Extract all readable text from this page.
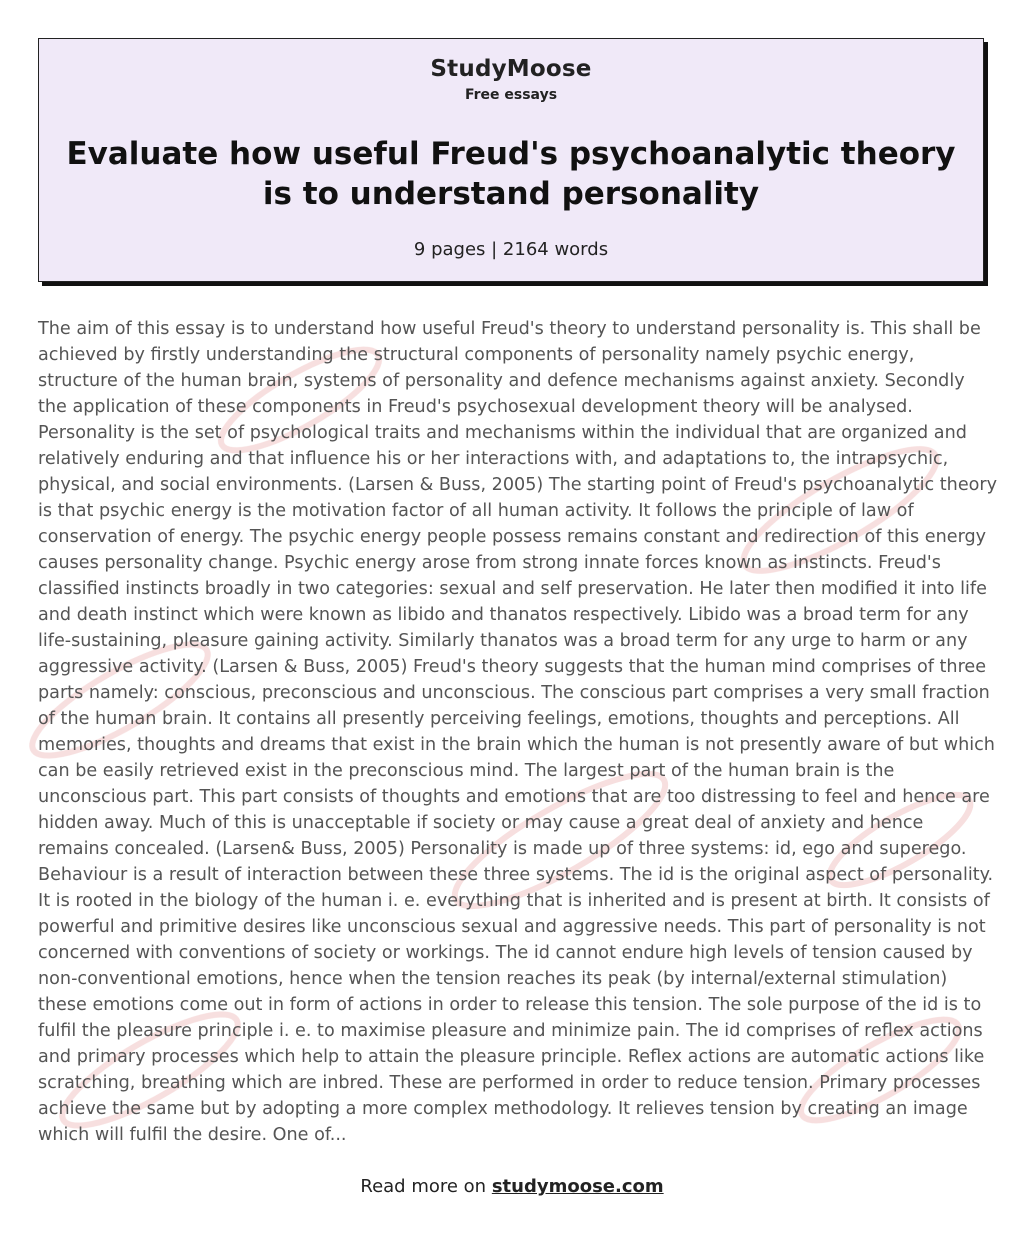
StudyMoose
Free essays
Evaluate how useful Freud's psychoanalytic theory is to understand personality
9 pages | 2164 words

The aim of this essay is to understand how useful Freud's theory to understand personality is. This shall be achieved by firstly understanding the structural components of personality namely psychic energy, structure of the human brain, systems of personality and defence mechanisms against anxiety. Secondly the application of these components in Freud's psychosexual development theory will be analysed. Personality is the set of psychological traits and mechanisms within the individual that are organized and relatively enduring and that influence his or her interactions with, and adaptations to, the intrapsychic, physical, and social environments. (Larsen & Buss, 2005) The starting point of Freud's psychoanalytic theory is that psychic energy is the motivation factor of all human activity. It follows the principle of law of conservation of energy. The psychic energy people possess remains constant and redirection of this energy causes personality change. Psychic energy arose from strong innate forces known as instincts. Freud's classified instincts broadly in two categories: sexual and self preservation. He later then modified it into life and death instinct which were known as libido and thanatos respectively. Libido was a broad term for any life-sustaining, pleasure gaining activity. Similarly thanatos was a broad term for any urge to harm or any aggressive activity. (Larsen & Buss, 2005) Freud's theory suggests that the human mind comprises of three parts namely: conscious, preconscious and unconscious. The conscious part comprises a very small fraction of the human brain. It contains all presently perceiving feelings, emotions, thoughts and perceptions. All memories, thoughts and dreams that exist in the brain which the human is not presently aware of but which can be easily retrieved exist in the preconscious mind. The largest part of the human brain is the unconscious part. This part consists of thoughts and emotions that are too distressing to feel and hence are hidden away. Much of this is unacceptable if society or may cause a great deal of anxiety and hence remains concealed. (Larsen& Buss, 2005) Personality is made up of three systems: id, ego and superego. Behaviour is a result of interaction between these three systems. The id is the original aspect of personality. It is rooted in the biology of the human i. e. everything that is inherited and is present at birth. It consists of powerful and primitive desires like unconscious sexual and aggressive needs. This part of personality is not concerned with conventions of society or workings. The id cannot endure high levels of tension caused by non-conventional emotions, hence when the tension reaches its peak (by internal/external stimulation) these emotions come out in form of actions in order to release this tension. The sole purpose of the id is to fulfil the pleasure principle i. e. to maximise pleasure and minimize pain. The id comprises of reflex actions and primary processes which help to attain the pleasure principle. Reflex actions are automatic actions like scratching, breathing which are inbred. These are performed in order to reduce tension. Primary processes achieve the same but by adopting a more complex methodology. It relieves tension by creating an image which will fulfil the desire. One of...

Read more on studymoose.com
